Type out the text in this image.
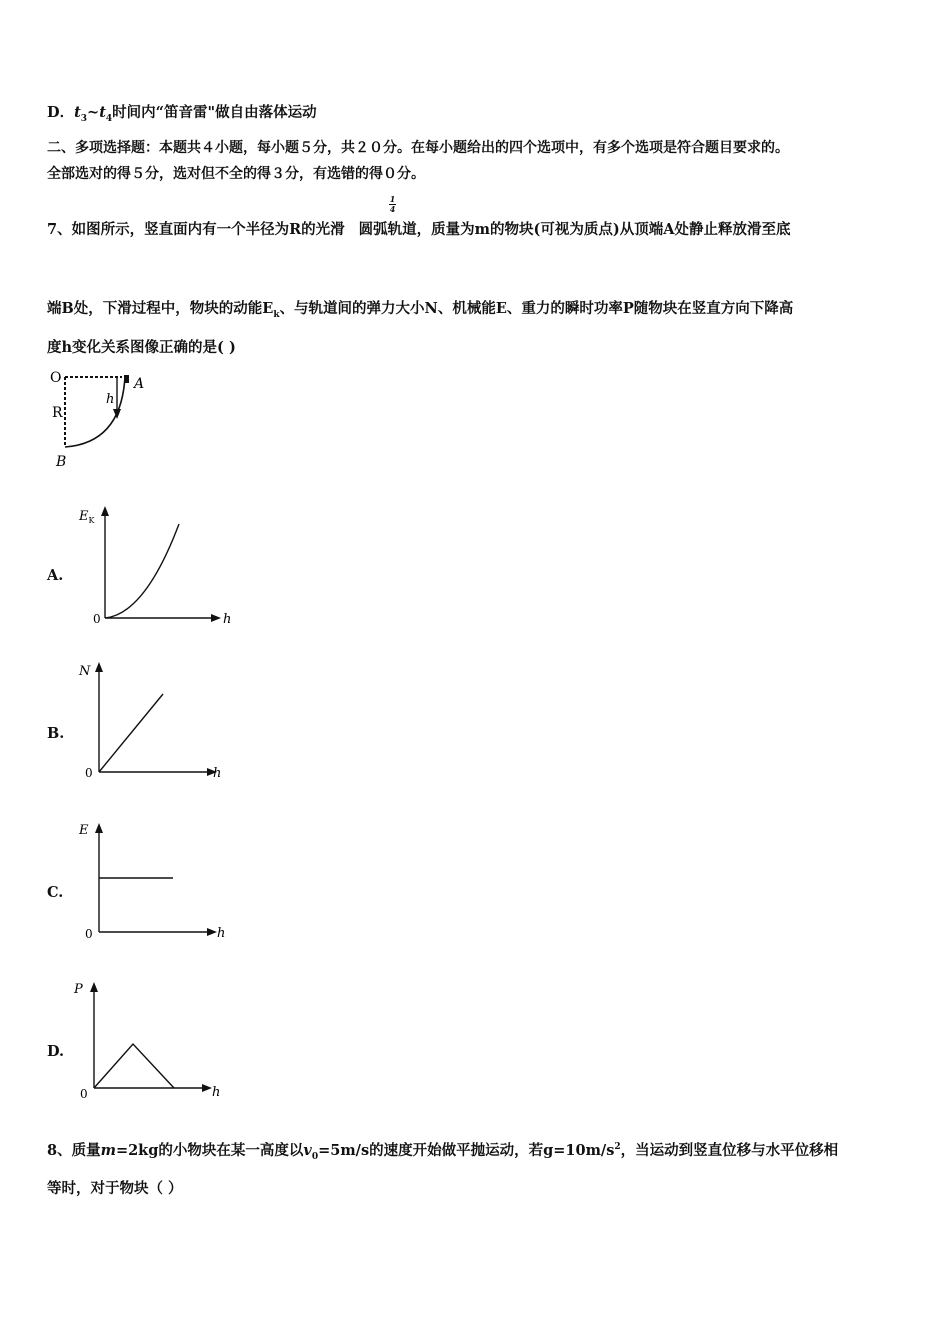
D．$t_3\sim t_4$时间内“笛音雷"做自由落体运动
二、多项选择题：本题共４小题，每小题５分，共２０分。在每小题给出的四个选项中，有多个选项是符合题目要求的。
全部选对的得５分，选对但不全的得３分，有选错的得０分。
1
4
7、如图所示，竖直面内有一个半径为R的光滑 圆弧轨道，质量为m的物块(可视为质点)从顶端A处静止释放滑至底
端B处，下滑过程中，物块的动能$E_k$、与轨道间的弹力大小N、机械能E、重力的瞬时功率P随物块在竖直方向下降高
度h变化关系图像正确的是( )
O	A
R
B
h
A.
$E_K$
h
0
B.
N
h
0
C.
E
h
0
D.
P
h
0
8、质量m=2kg的小物块在某一高度以$v_0=5m/s$的速度开始做平抛运动，若$g=10m/s^2$，当运动到竖直位移与水平位移相
等时，对于物块（ ）
